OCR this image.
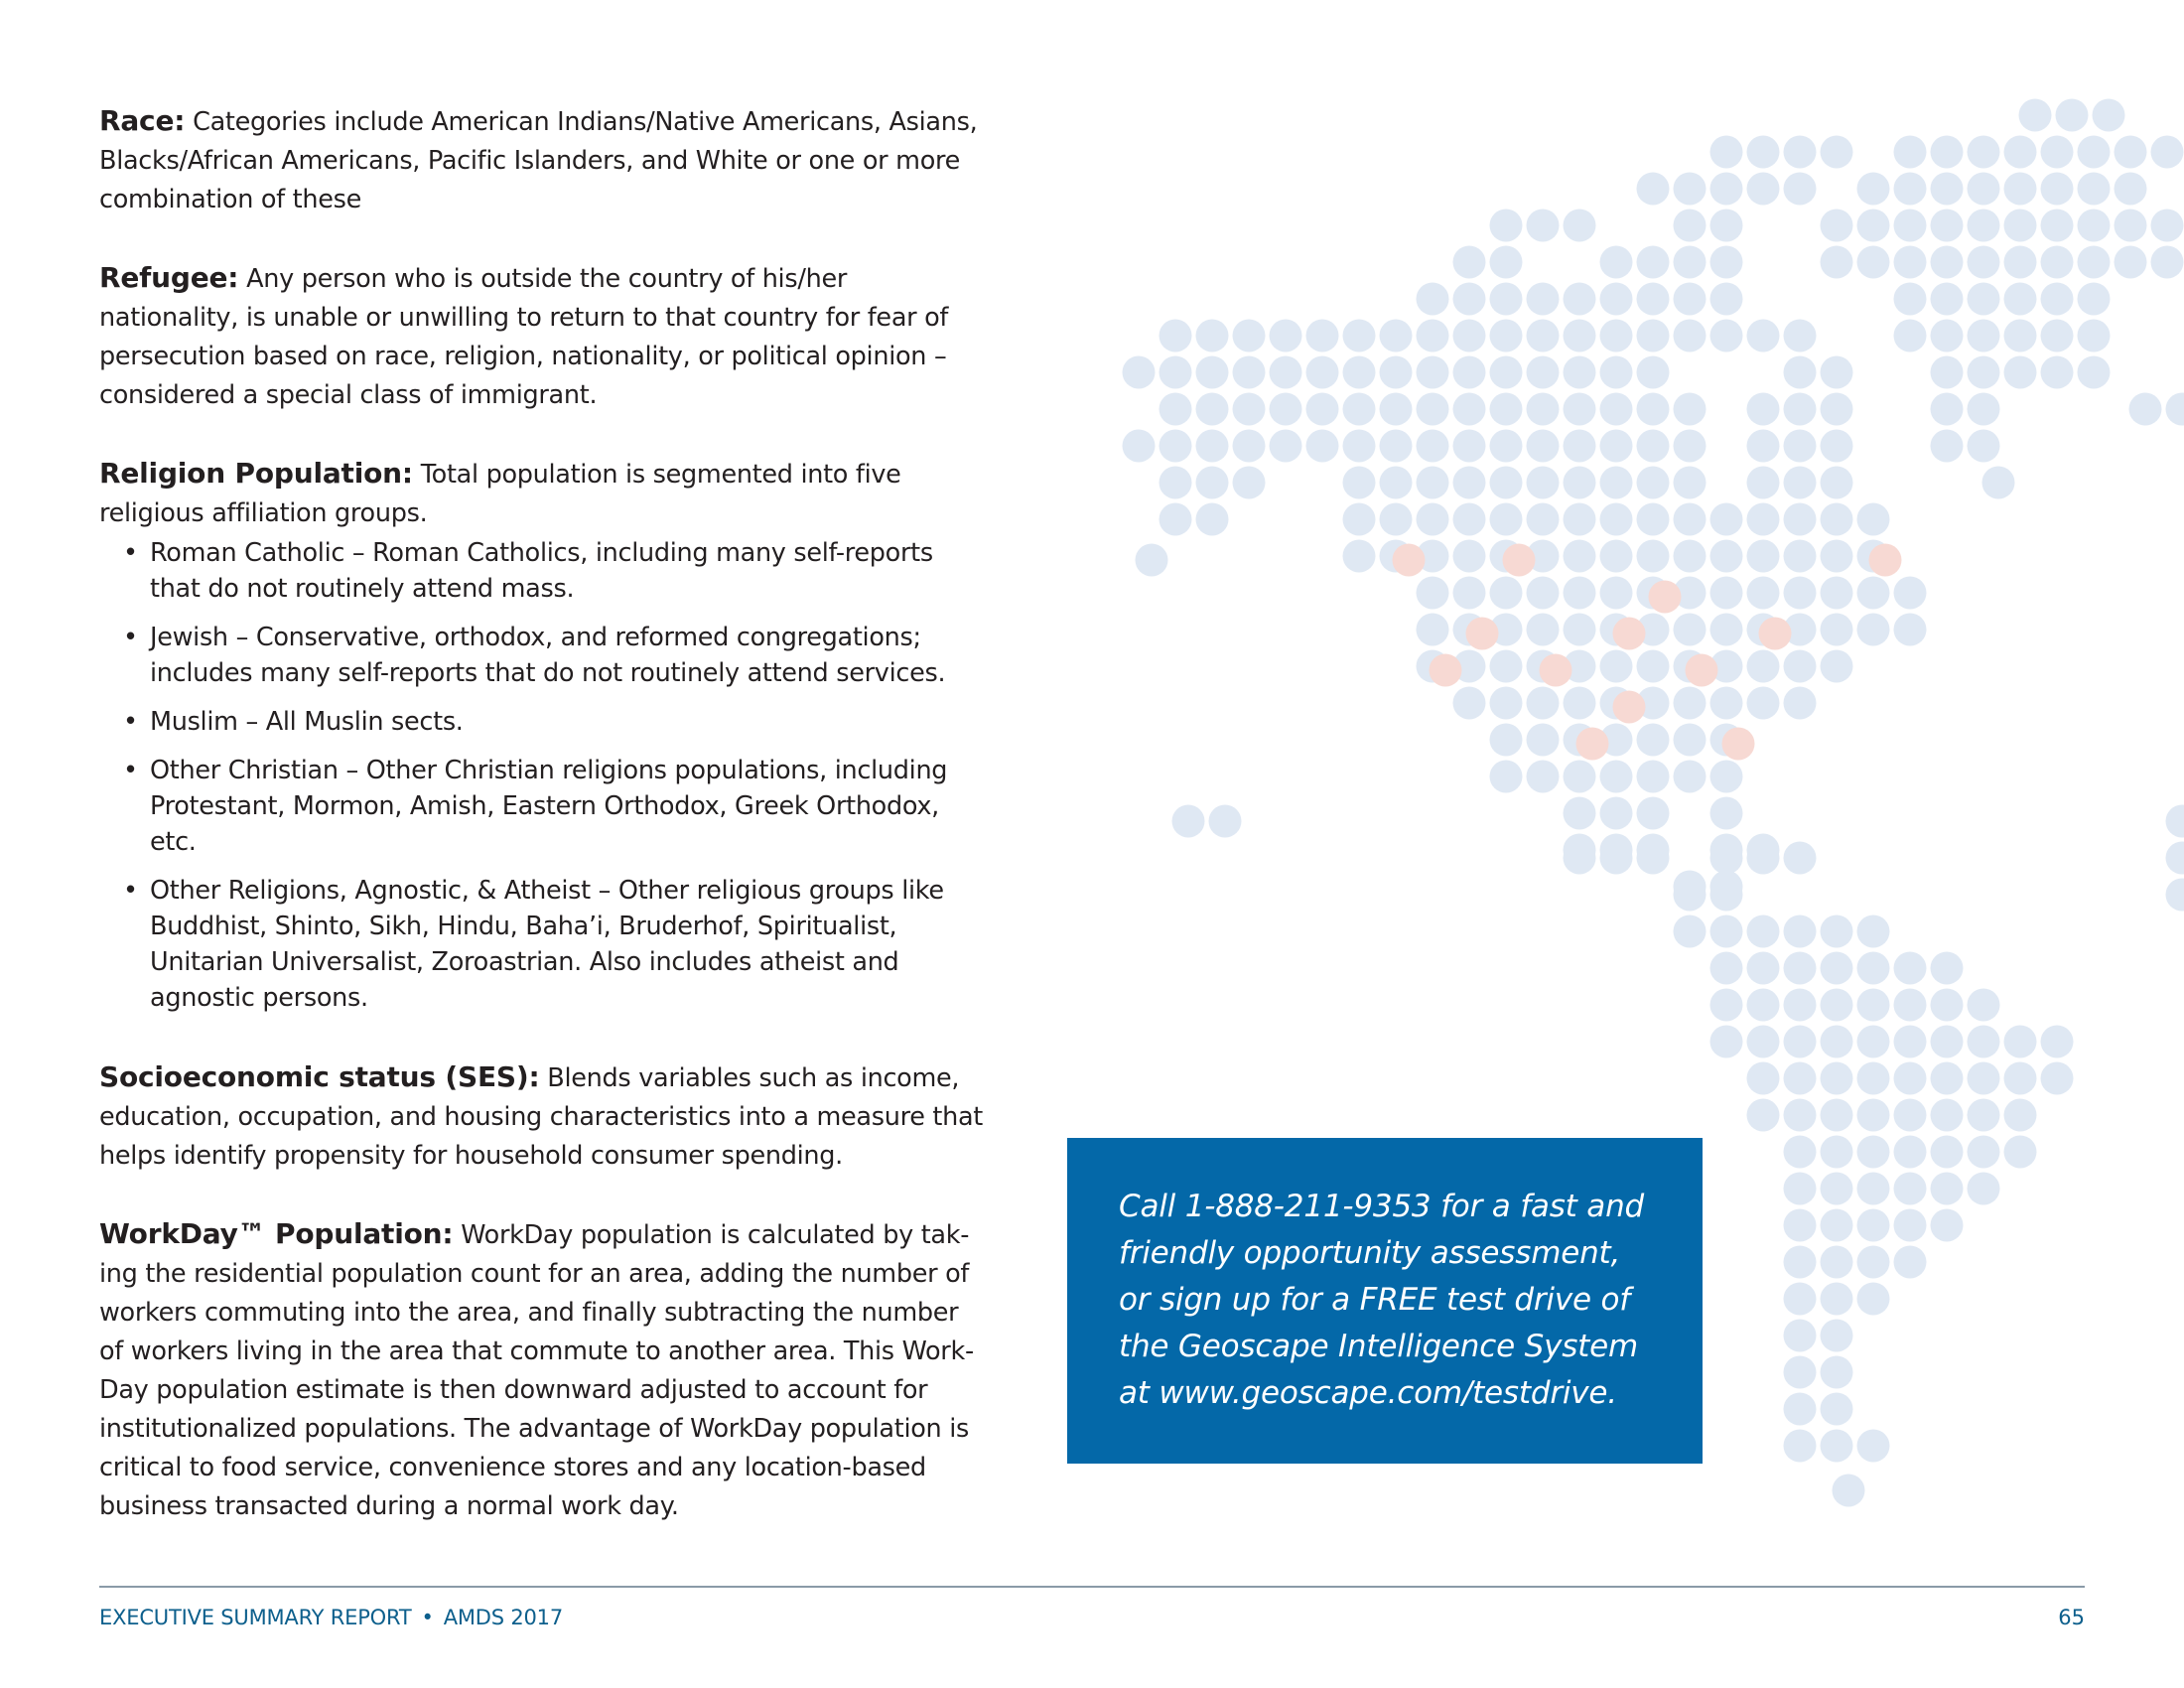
Race: Categories include American Indians/Native Americans, Asians, Blacks/African Americans, Pacific Islanders, and White or one or more combination of these

Refugee: Any person who is outside the country of his/her nationality, is unable or unwilling to return to that country for fear of persecution based on race, religion, nationality, or political opinion – considered a special class of immigrant.

Religion Population: Total population is segmented into five religious affiliation groups.

• Roman Catholic – Roman Catholics, including many self-reports that do not routinely attend mass.
• Jewish – Conservative, orthodox, and reformed congregations; includes many self-reports that do not routinely attend services.
• Muslim – All Muslin sects.
• Other Christian – Other Christian religions populations, including Protestant, Mormon, Amish, Eastern Orthodox, Greek Orthodox, etc.
• Other Religions, Agnostic, & Atheist – Other religious groups like Buddhist, Shinto, Sikh, Hindu, Baha’i, Bruderhof, Spiritualist, Unitarian Universalist, Zoroastrian. Also includes atheist and agnostic persons.

Socioeconomic status (SES): Blends variables such as income, education, occupation, and housing characteristics into a measure that helps identify propensity for household consumer spending.

WorkDay™ Population: WorkDay population is calculated by tak-ing the residential population count for an area, adding the number of workers commuting into the area, and finally subtracting the number of workers living in the area that commute to another area. This Work-Day population estimate is then downward adjusted to account for institutionalized populations. The advantage of WorkDay population is critical to food service, convenience stores and any location-based business transacted during a normal work day.

Call 1-888-211-9353 for a fast and friendly opportunity assessment, or sign up for a FREE test drive of the Geoscape Intelligence System at www.geoscape.com/testdrive.

EXECUTIVE SUMMARY REPORT • AMDS 2017	65
